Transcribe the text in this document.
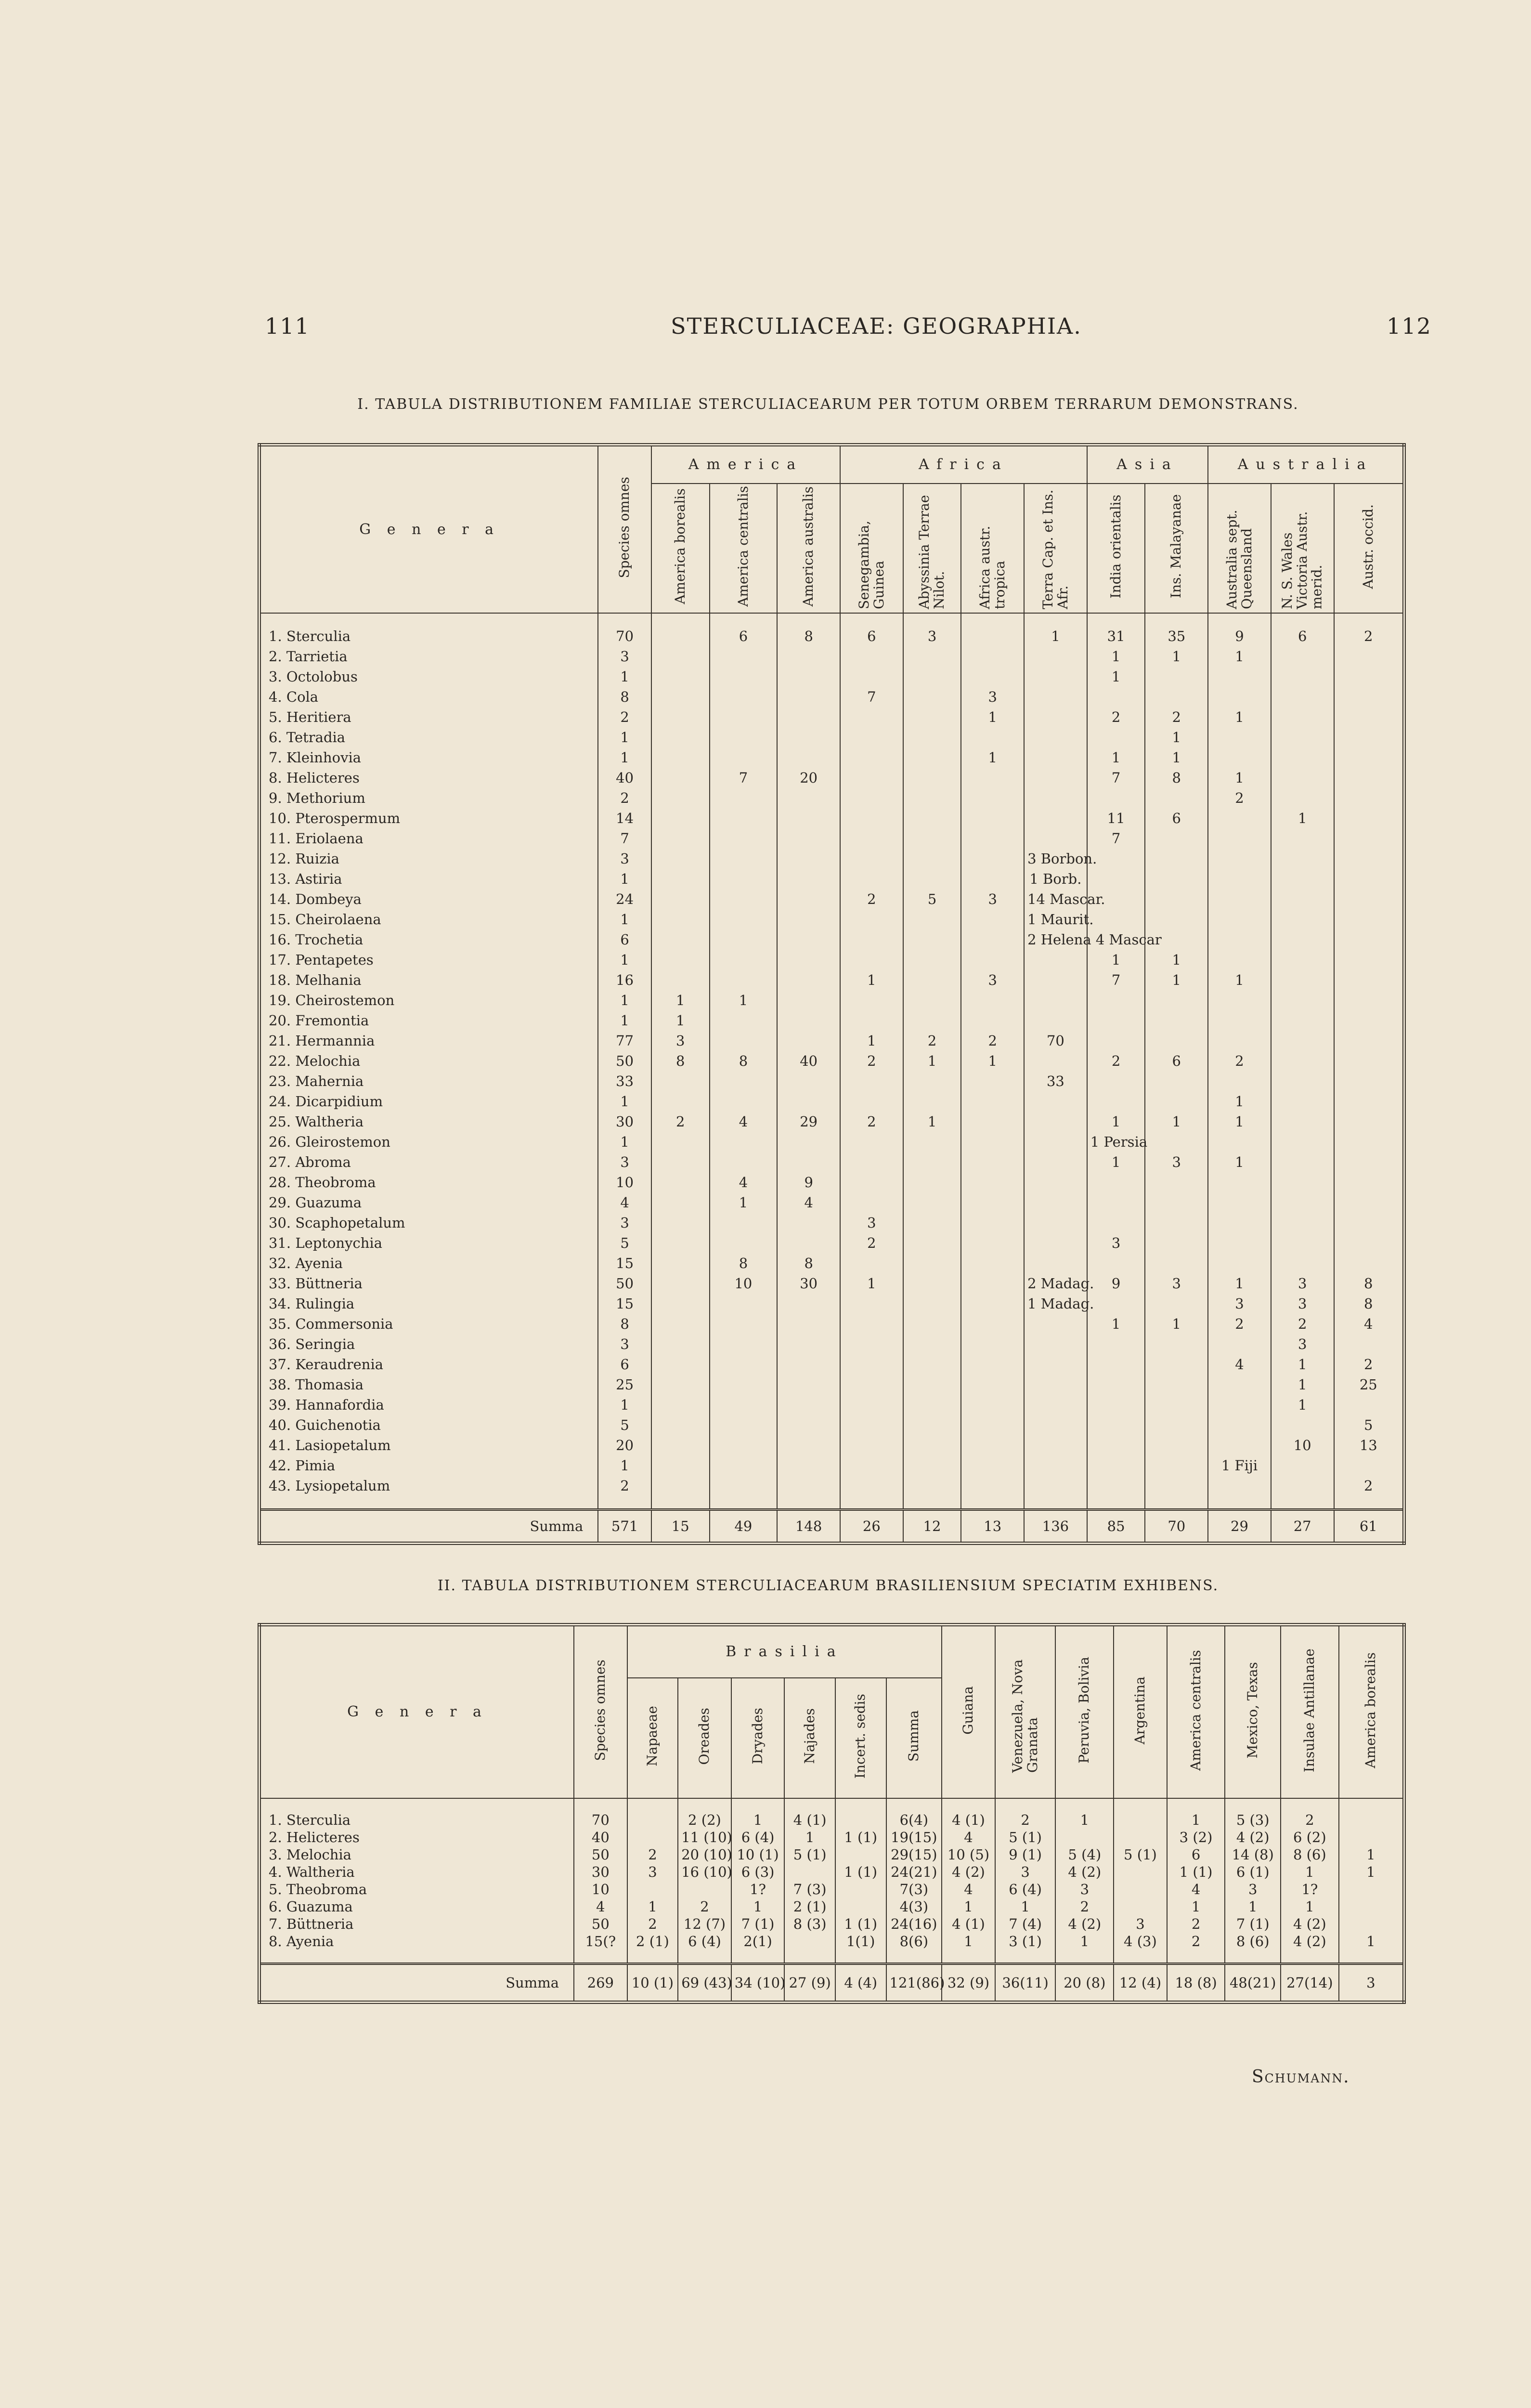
111	STERCULIACEAE: GEOGRAPHIA.	112
I. TABULA DISTRIBUTIONEM FAMILIAE STERCULIACEARUM PER TOTUM ORBEM TERRARUM DEMONSTRANS.
G e n e r a	Species omnes	America			Africa				Asia		Australia		
		America borealis	America centralis	America australis	Senegambia, Guinea	Abyssinia Terrae Nilot.	Africa austr. tropica	Terra Cap. et Ins. Afr.	India orientalis	Ins. Malayanae	Australia sept. Queensland	N. S. Wales Victoria Austr. merid.	Austr. occid.

1. Sterculia	70		6	8	6	3		1	31	35	9	6	2
2. Tarrietia	3								1	1	1		
3. Octolobus	1								1				
4. Cola	8				7		3						
5. Heritiera	2						1		2	2	1		
6. Tetradia	1									1			
7. Kleinhovia	1						1		1	1			
8. Helicteres	40		7	20					7	8	1		
9. Methorium	2										2		
10. Pterospermum	14								11	6		1	
11. Eriolaena	7								7				
12. Ruizia	3							3 Borbon.					
13. Astiria	1							1 Borb.					
14. Dombeya	24				2	5	3	14 Mascar.					
15. Cheirolaena	1							1 Maurit.					
16. Trochetia	6							2 Helena 4 Mascar					
17. Pentapetes	1								1	1			
18. Melhania	16				1		3		7	1	1		
19. Cheirostemon	1	1	1										
20. Fremontia	1	1											
21. Hermannia	77	3			1	2	2	70					
22. Melochia	50	8	8	40	2	1	1		2	6	2		
23. Mahernia	33							33					
24. Dicarpidium	1										1		
25. Waltheria	30	2	4	29	2	1			1	1	1		
26. Gleirostemon	1								1 Persia				
27. Abroma	3								1	3	1		
28. Theobroma	10		4	9									
29. Guazuma	4		1	4									
30. Scaphopetalum	3				3								
31. Leptonychia	5				2				3				
32. Ayenia	15		8	8									
33. Büttneria	50		10	30	1			2 Madag.	9	3	1	3	8
34. Rulingia	15							1 Madag.			3	3	8
35. Commersonia	8								1	1	2	2	4
36. Seringia	3											3	
37. Keraudrenia	6										4	1	2
38. Thomasia	25											1	25
39. Hannafordia	1											1	
40. Guichenotia	5												5
41. Lasiopetalum	20											10	13
42. Pimia	1										1 Fiji		
43. Lysiopetalum	2												2

Summa	571	15	49	148	26	12	13	136	85	70	29	27	61
II. TABULA DISTRIBUTIONEM STERCULIACEARUM BRASILIENSIUM SPECIATIM EXHIBENS.
G e n e r a	Species omnes	Brasilia						Guiana	Venezuela, Nova Granata	Peruvia, Bolivia	Argentina	America centralis	Mexico, Texas	Insulae Antillanae	America borealis
		Napaeae	Oreades	Dryades	Najades	Incert. sedis	Summa								

1. Sterculia	70		2 (2)	1	4 (1)		6(4)	4 (1)	2	1		1	5 (3)	2	
2. Helicteres	40		11 (10)	6 (4)	1	1 (1)	19(15)	4	5 (1)			3 (2)	4 (2)	6 (2)	
3. Melochia	50	2	20 (10)	10 (1)	5 (1)		29(15)	10 (5)	9 (1)	5 (4)	5 (1)	6	14 (8)	8 (6)	1
4. Waltheria	30	3	16 (10)	6 (3)		1 (1)	24(21)	4 (2)	3	4 (2)		1 (1)	6 (1)	1	1
5. Theobroma	10			1?	7 (3)		7(3)	4	6 (4)	3		4	3	1?	
6. Guazuma	4	1	2	1	2 (1)		4(3)	1	1	2		1	1	1	
7. Büttneria	50	2	12 (7)	7 (1)	8 (3)	1 (1)	24(16)	4 (1)	7 (4)	4 (2)	3	2	7 (1)	4 (2)	
8. Ayenia	15(?	2 (1)	6 (4)	2(1)		1(1)	8(6)	1	3 (1)	1	4 (3)	2	8 (6)	4 (2)	1

Summa	269	10 (1)	69 (43)	34 (10)	27 (9)	4 (4)	121(86)	32 (9)	36(11)	20 (8)	12 (4)	18 (8)	48(21)	27(14)	3
Schumann.
